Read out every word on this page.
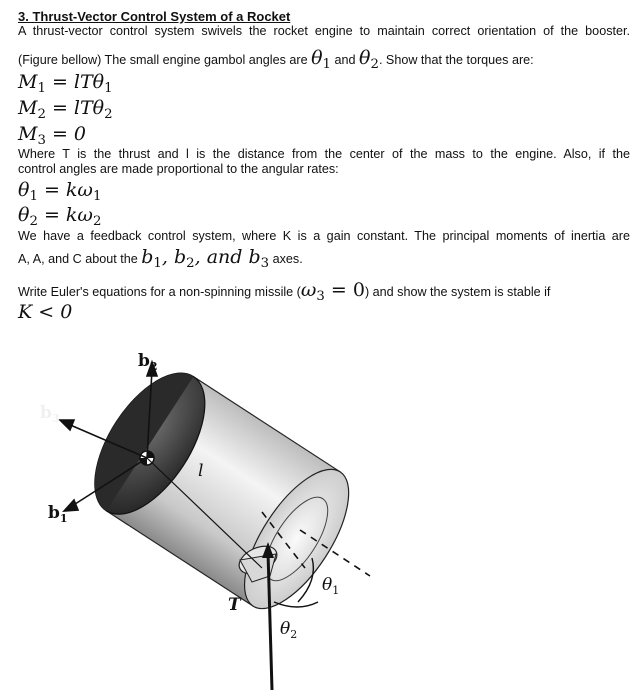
3. Thrust-Vector Control System of a Rocket
A thrust-vector control system swivels the rocket engine to maintain correct orientation of the booster.
(Figure bellow) The small engine gambol angles are $\theta_1$ and $\theta_2$. Show that the torques are:
$M_1 = lT\theta_1$
$M_2 = lT\theta_2$
$M_3 = 0$
Where T is the thrust and l is the distance from the center of the mass to the engine. Also, if the
control angles are made proportional to the angular rates:
$\theta_1 = k\omega_1$
$\theta_2 = k\omega_2$
We have a feedback control system, where K is a gain constant. The principal moments of inertia are
A, A, and C about the $b_1$, $b_2$, and $b_3$ axes.
Write Euler's equations for a non-spinning missile $(\omega_3 = 0)$ and show the system is stable if
K < 0
$b_2$
$b_3$
$b_1$
l
T
$\theta_1$
$\theta_2$
